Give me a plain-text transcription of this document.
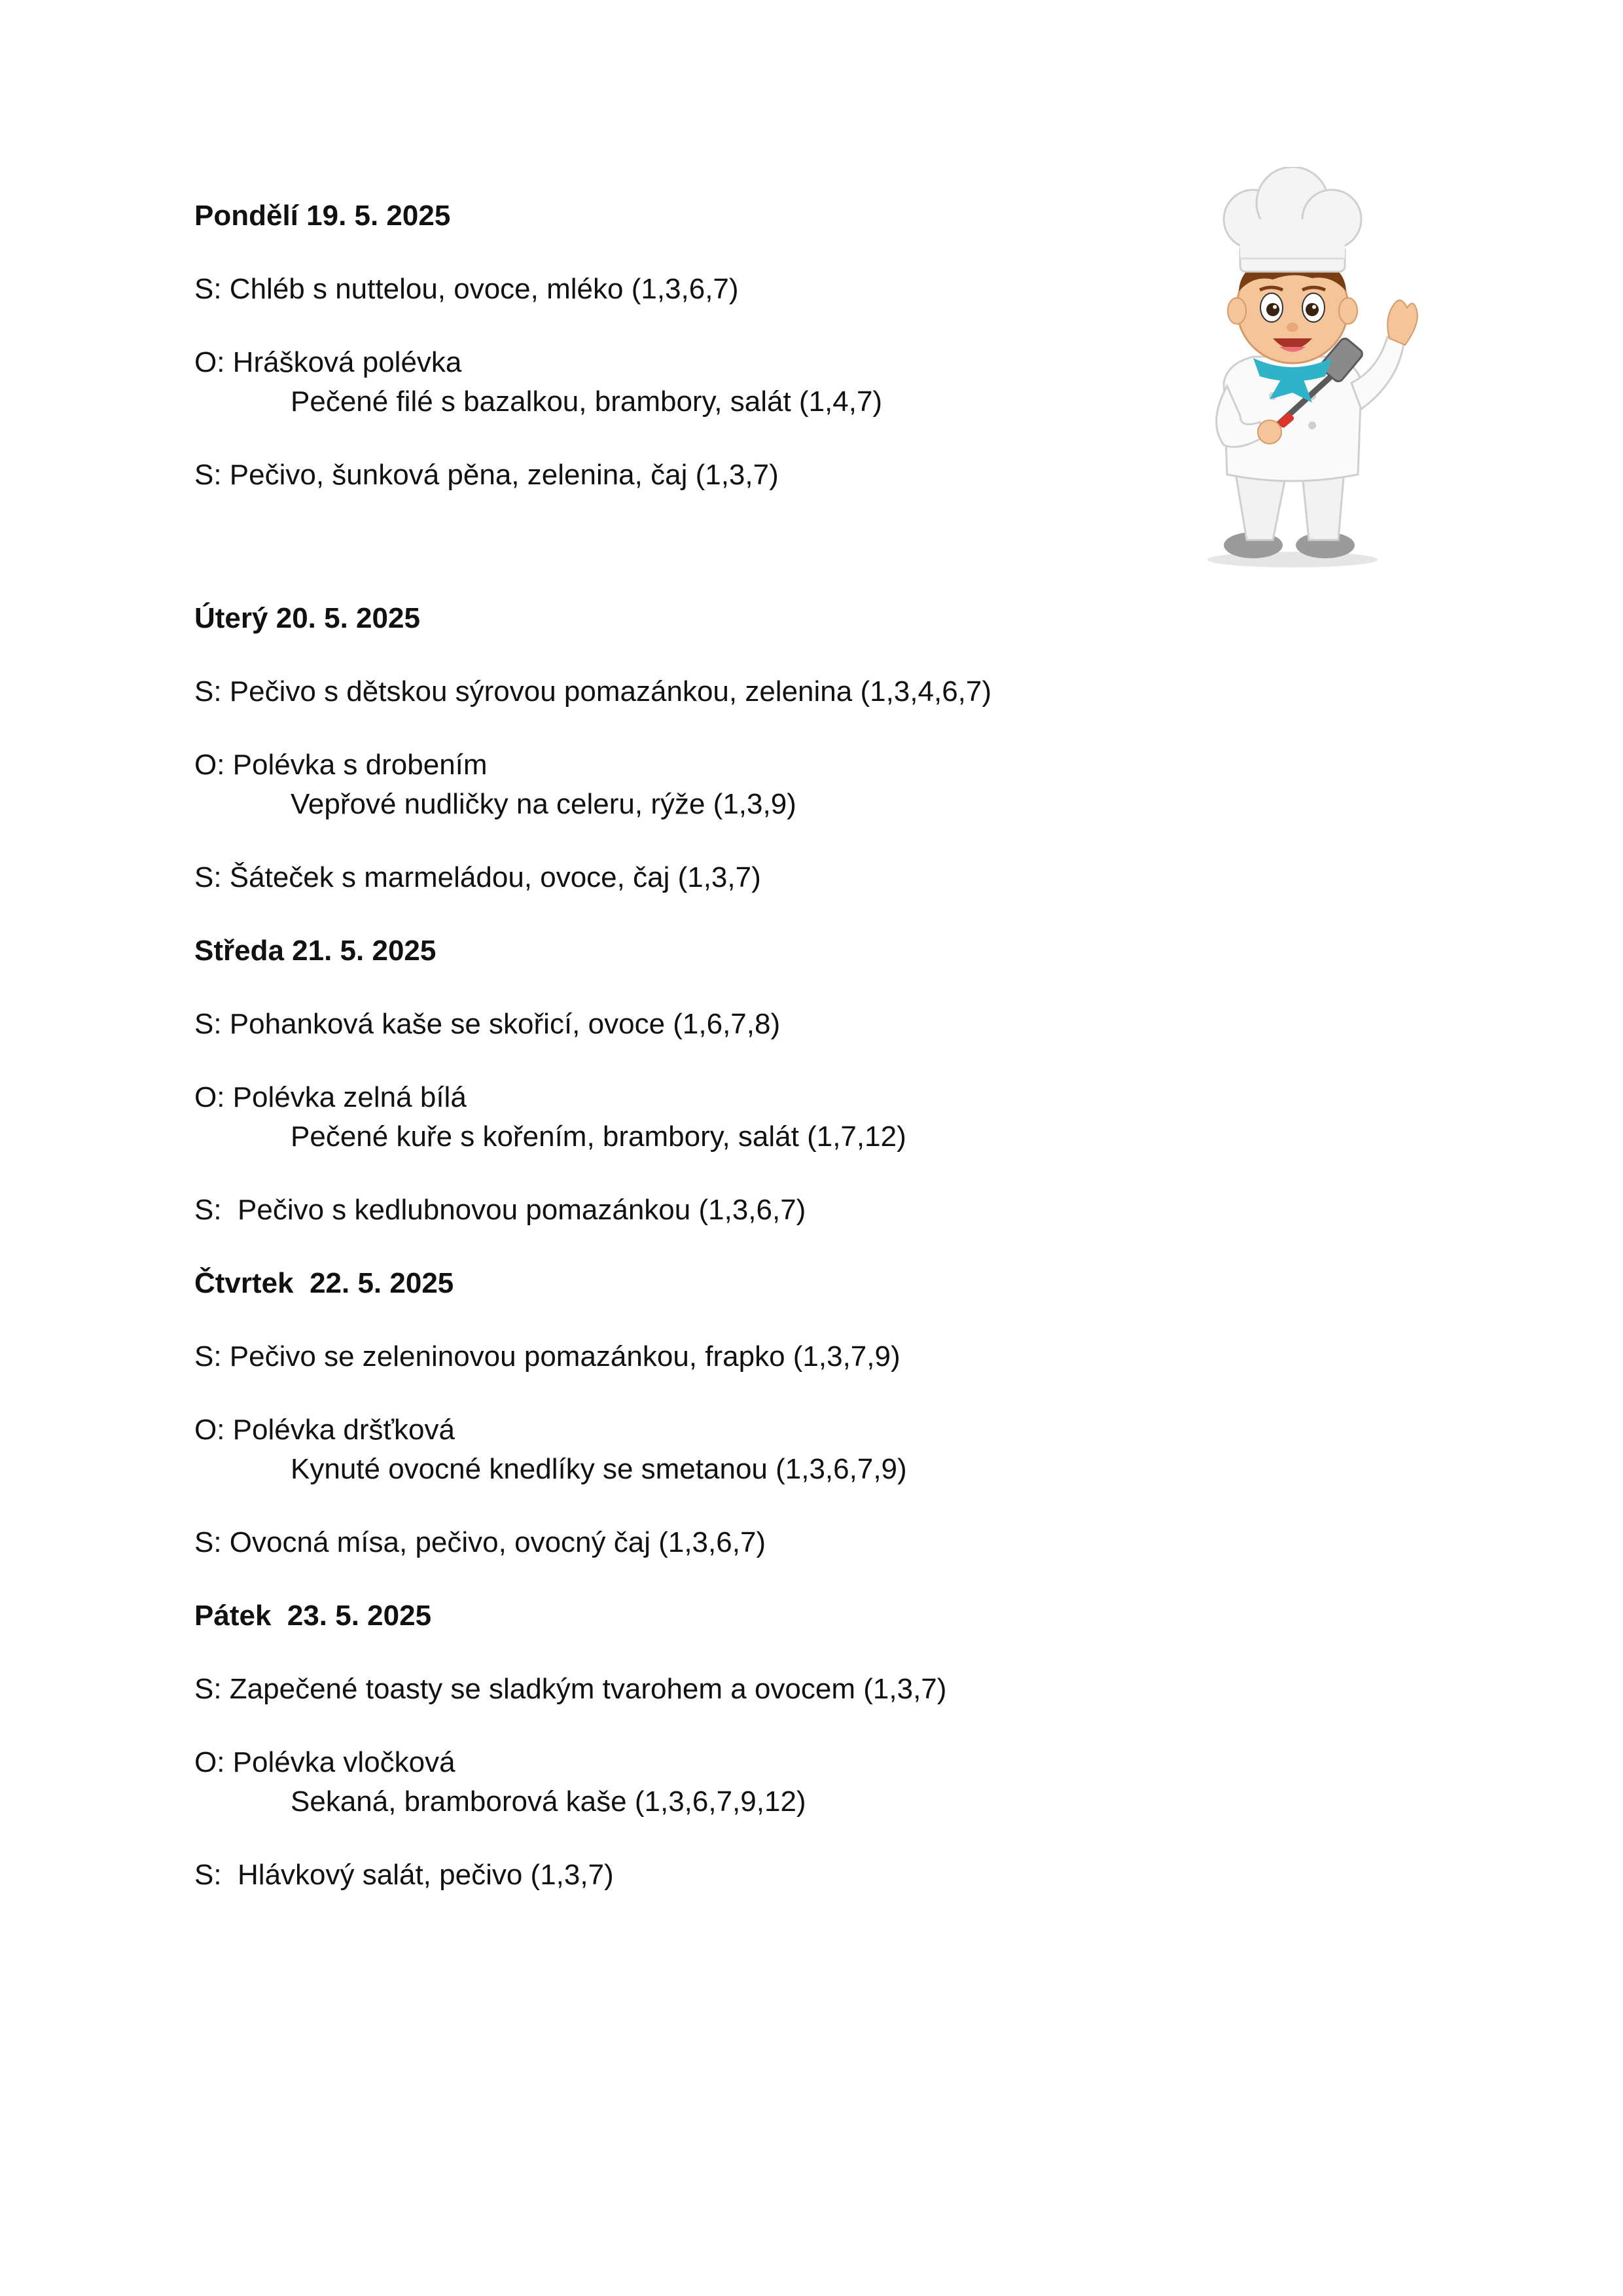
Pondělí 19. 5. 2025
S: Chléb s nuttelou, ovoce, mléko (1,3,6,7)
O: Hrášková polévka
Pečené filé s bazalkou, brambory, salát (1,4,7)
S: Pečivo, šunková pěna, zelenina, čaj (1,3,7)
Úterý 20. 5. 2025
S: Pečivo s dětskou sýrovou pomazánkou, zelenina (1,3,4,6,7)
O: Polévka s drobením
Vepřové nudličky na celeru, rýže (1,3,9)
S: Šáteček s marmeládou, ovoce, čaj (1,3,7)
Středa 21. 5. 2025
S: Pohanková kaše se skořicí, ovoce (1,6,7,8)
O: Polévka zelná bílá
Pečené kuře s kořením, brambory, salát (1,7,12)
S:  Pečivo s kedlubnovou pomazánkou (1,3,6,7)
Čtvrtek  22. 5. 2025
S: Pečivo se zeleninovou pomazánkou, frapko (1,3,7,9)
O: Polévka dršťková
Kynuté ovocné knedlíky se smetanou (1,3,6,7,9)
S: Ovocná mísa, pečivo, ovocný čaj (1,3,6,7)
Pátek  23. 5. 2025
S: Zapečené toasty se sladkým tvarohem a ovocem (1,3,7)
O: Polévka vločková
Sekaná, bramborová kaše (1,3,6,7,9,12)
S:  Hlávkový salát, pečivo (1,3,7)
